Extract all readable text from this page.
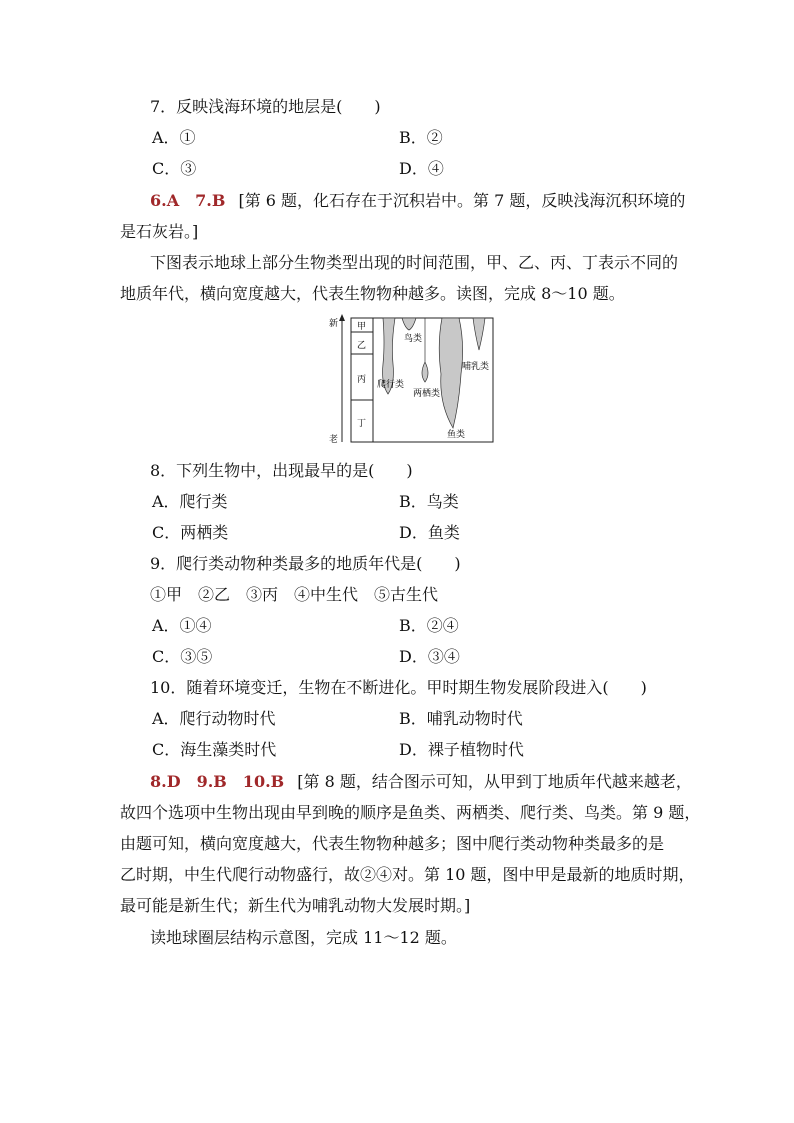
7．反映浅海环境的地层是(　　)
A．①	B．②
C．③	D．④
6.A　7.B [第 6 题，化石存在于沉积岩中。第 7 题，反映浅海沉积环境的
是石灰岩。]
下图表示地球上部分生物类型出现的时间范围，甲、乙、丙、丁表示不同的
地质年代，横向宽度越大，代表生物物种越多。读图，完成 8～10 题。
新
老
甲
乙
丙
丁
鸟类
爬行类
两栖类
哺乳类
鱼类
8．下列生物中，出现最早的是(　　)
A．爬行类	B．鸟类
C．两栖类	D．鱼类
9．爬行类动物种类最多的地质年代是(　　)
①甲　②乙　③丙　④中生代　⑤古生代
A．①④	B．②④
C．③⑤	D．③④
10．随着环境变迁，生物在不断进化。甲时期生物发展阶段进入(　　)
A．爬行动物时代	B．哺乳动物时代
C．海生藻类时代	D．裸子植物时代
8.D　9.B　10.B [第 8 题，结合图示可知，从甲到丁地质年代越来越老，
故四个选项中生物出现由早到晚的顺序是鱼类、两栖类、爬行类、鸟类。第 9 题，
由题可知，横向宽度越大，代表生物物种越多；图中爬行类动物种类最多的是
乙时期，中生代爬行动物盛行，故②④对。第 10 题，图中甲是最新的地质时期，
最可能是新生代；新生代为哺乳动物大发展时期。]
读地球圈层结构示意图，完成 11～12 题。
